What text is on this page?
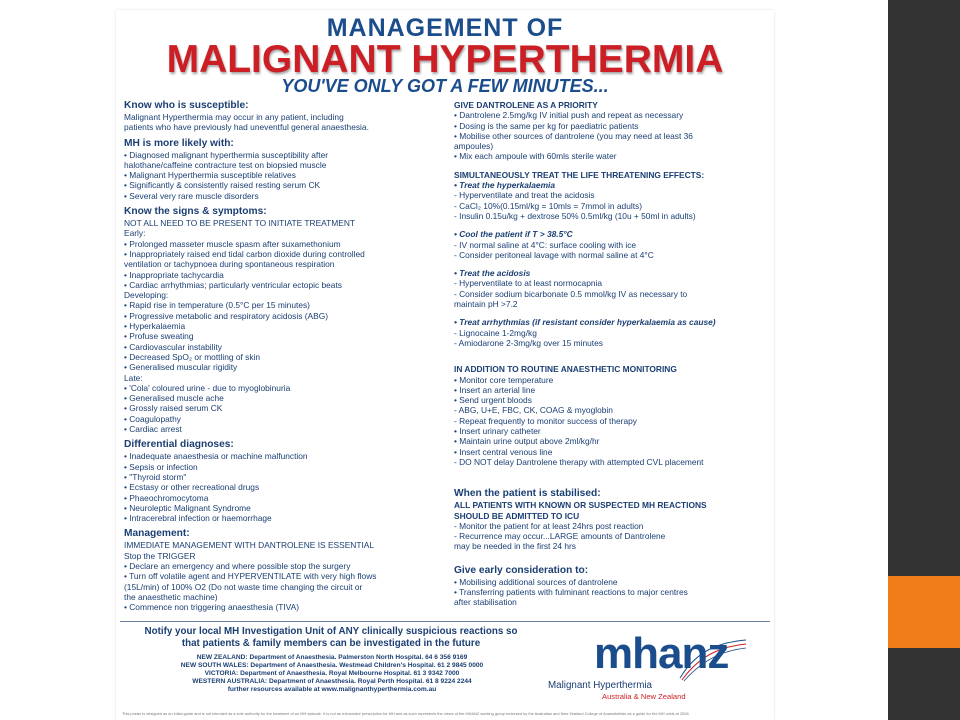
MANAGEMENT OF
MALIGNANT HYPERTHERMIA
YOU'VE ONLY GOT A FEW MINUTES...
Know who is susceptible:
Malignant Hyperthermia may occur in any patient, including
patients who have previously had uneventful general anaesthesia.
MH is more likely with:
• Diagnosed malignant hyperthermia susceptibility after
halothane/caffeine contracture test on biopsied muscle
• Malignant Hyperthermia susceptible relatives
• Significantly & consistently raised resting serum CK
• Several very rare muscle disorders
Know the signs & symptoms:
NOT ALL NEED TO BE PRESENT TO INITIATE TREATMENT
Early:
• Prolonged masseter muscle spasm after suxamethonium
• Inappropriately raised end tidal carbon dioxide during controlled
ventilation or tachypnoea during spontaneous respiration
• Inappropriate tachycardia
• Cardiac arrhythmias; particularly ventricular ectopic beats
Developing:
• Rapid rise in temperature (0.5°C per 15 minutes)
• Progressive metabolic and respiratory acidosis (ABG)
• Hyperkalaemia
• Profuse sweating
• Cardiovascular instability
• Decreased SpO₂ or mottling of skin
• Generalised muscular rigidity
Late:
• 'Cola' coloured urine - due to myoglobinuria
• Generalised muscle ache
• Grossly raised serum CK
• Coagulopathy
• Cardiac arrest
Differential diagnoses:
• Inadequate anaesthesia or machine malfunction
• Sepsis or infection
• "Thyroid storm"
• Ecstasy or other recreational drugs
• Phaeochromocytoma
• Neuroleptic Malignant Syndrome
• Intracerebral infection or haemorrhage
Management:
IMMEDIATE MANAGEMENT WITH DANTROLENE IS ESSENTIAL
Stop the TRIGGER
• Declare an emergency and where possible stop the surgery
• Turn off volatile agent and HYPERVENTILATE with very high flows
(15L/min) of 100% O2 (Do not waste time changing the circuit or
the anaesthetic machine)
• Commence non triggering anaesthesia (TIVA)
GIVE DANTROLENE AS A PRIORITY
• Dantrolene 2.5mg/kg IV initial push and repeat as necessary
• Dosing is the same per kg for paediatric patients
• Mobilise other sources of dantrolene (you may need at least 36
ampoules)
• Mix each ampoule with 60mls sterile water
SIMULTANEOUSLY TREAT THE LIFE THREATENING EFFECTS:
• Treat the hyperkalaemia
- Hyperventilate and treat the acidosis
- CaCl₂ 10%(0.15ml/kg = 10mls = 7mmol in adults)
- Insulin 0.15u/kg + dextrose 50% 0.5ml/kg (10u + 50ml in adults)
• Cool the patient if T > 38.5°C
- IV normal saline at 4°C: surface cooling with ice
- Consider peritoneal lavage with normal saline at 4°C
• Treat the acidosis
- Hyperventilate to at least normocapnia
- Consider sodium bicarbonate 0.5 mmol/kg IV as necessary to
maintain pH >7.2
• Treat arrhythmias (if resistant consider hyperkalaemia as cause)
- Lignocaine 1-2mg/kg
- Amiodarone 2-3mg/kg over 15 minutes
IN ADDITION TO ROUTINE ANAESTHETIC MONITORING
• Monitor core temperature
• Insert an arterial line
• Send urgent bloods
- ABG, U+E, FBC, CK, COAG & myoglobin
- Repeat frequently to monitor success of therapy
• Insert urinary catheter
• Maintain urine output above 2ml/kg/hr
• Insert central venous line
- DO NOT delay Dantrolene therapy with attempted CVL placement
When the patient is stabilised:
ALL PATIENTS WITH KNOWN OR SUSPECTED MH REACTIONS
SHOULD BE ADMITTED TO ICU
- Monitor the patient for at least 24hrs post reaction
- Recurrence may occur...LARGE amounts of Dantrolene
may be needed in the first 24 hrs
Give early consideration to:
• Mobilising additional sources of dantrolene
• Transferring patients with fulminant reactions to major centres
after stabilisation
Notify your local MH Investigation Unit of ANY clinically suspicious reactions so
that patients & family members can be investigated in the future
NEW ZEALAND: Department of Anaesthesia. Palmerston North Hospital. 64 6 356 9169
NEW SOUTH WALES: Department of Anaesthesia. Westmead Children's Hospital. 61 2 9845 0000
VICTORIA: Department of Anaesthesia. Royal Melbourne Hospital. 61 3 9342 7000
WESTERN AUSTRALIA: Department of Anaesthesia. Royal Perth Hospital. 61 8 9224 2244
further resources available at www.malignanthyperthermia.com.au
mhanz
Malignant Hyperthermia
Australia & New Zealand
This poster is designed as an initial guide and is not intended as a sole authority for the treatment of an MH episode. It is not an exhaustive prescription for MH and as such represents the views of the MHANZ working group endorsed by the Australian and New Zealand College of Anaesthetists as a guide for the MH crisis at 2008
